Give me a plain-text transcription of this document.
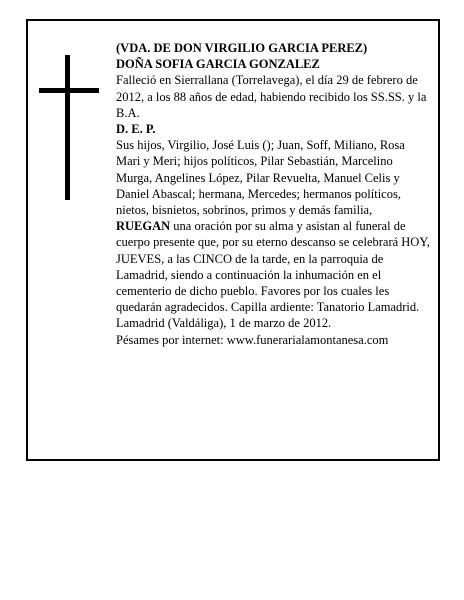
(VDA. DE DON VIRGILIO GARCIA PEREZ)

DOÑA SOFIA GARCIA GONZALEZ

Falleció en Sierrallana (Torrelavega), el día 29 de febrero de

2012, a los 88 años de edad, habiendo recibido los SS.SS. y la B.A.

D. E. P.

Sus hijos, Virgilio, José Luis (); Juan, Soff, Miliano, Rosa Mari y Meri; hijos políticos, Pilar Sebastián, Marcelino Murga, Angelines López, Pilar Revuelta, Manuel Celis y Daniel Abascal; hermana, Mercedes; hermanos políticos, nietos, bisnietos, sobrinos, primos y demás familia,

RUEGAN una oración por su alma y asistan al funeral de cuerpo presente que, por su eterno descanso se celebrará HOY, JUEVES, a las CINCO de la tarde, en la parroquia de Lamadrid, siendo a continuación la inhumación en el cementerio de dicho pueblo. Favores por los cuales les quedarán agradecidos. Capilla ardiente: Tanatorio Lamadrid.

Lamadrid (Valdáliga), 1 de marzo de 2012.

Pésames por internet: www.funerarialamontanesa.com
